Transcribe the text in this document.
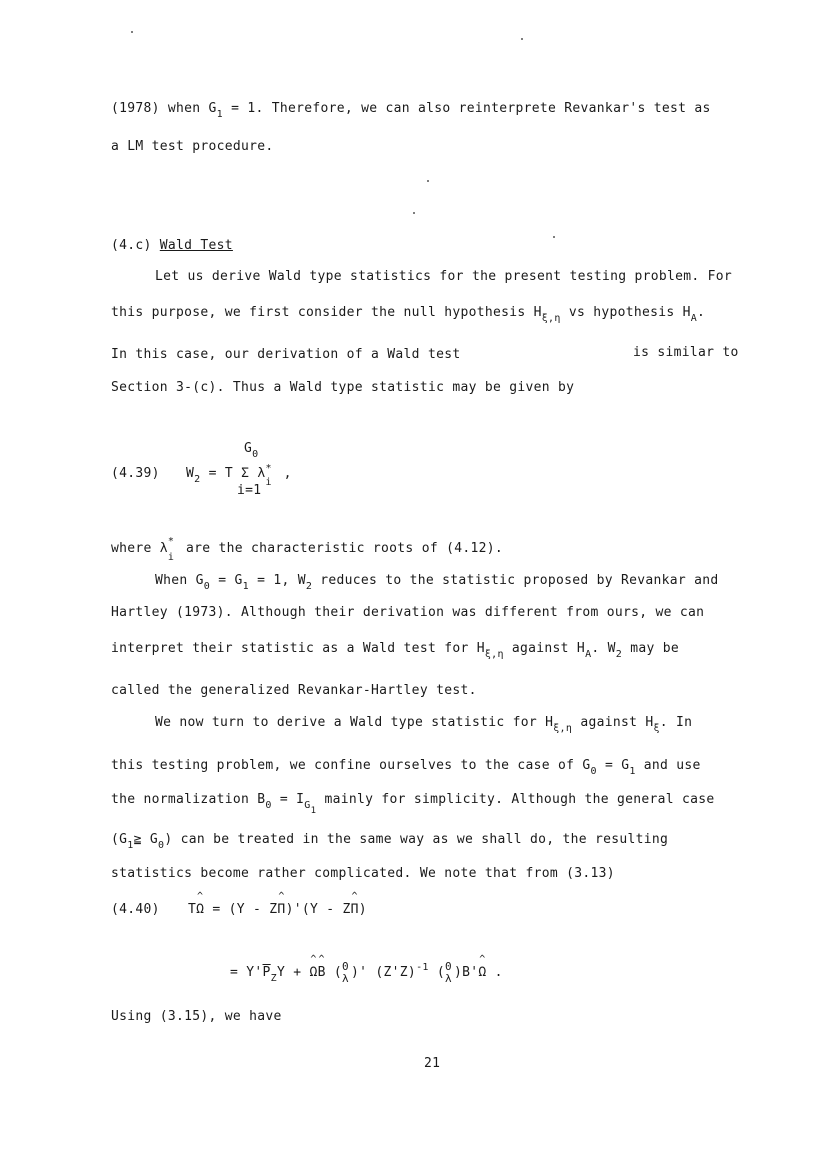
(1978) when $G_1 = 1$. Therefore, we can also reinterprete Revankar's test as
a LM test procedure.
(4.c) Wald Test
Let us derive Wald type statistics for the present testing problem. For
this purpose, we first consider the null hypothesis $H_{\xi,\eta}$ vs hypothesis $H_A$.
In this case, our derivation of a Wald test	is similar to
Section 3-(c). Thus a Wald type statistic may be given by
$G_0$
(4.39) $W_2 = T$ Σ λ *
i
,
i=1
where λ *
i
are the characteristic roots of (4.12).
When $G_0 = G_1 = 1$, $W_2$ reduces to the statistic proposed by Revankar and
Hartley (1973). Although their derivation was different from ours, we can
interpret their statistic as a Wald test for $H_{\xi,\eta}$ against $H_A$. $W_2$ may be
called the generalized Revankar-Hartley test.
We now turn to derive a Wald type statistic for $H_{\xi,\eta}$ against $H_\xi$. In
this testing problem, we confine ourselves to the case of $G_0 = G_1$ and use
the normalization $B_0 = I_{G_1}$ mainly for simplicity. Although the general case
($G_1≧$ $G_0$) can be treated in the same way as we shall do, the resulting
statistics become rather complicated. We note that from (3.13)
(4.40) T^ Ω = (Y - Z^ Π)'(Y - Z^ Π)
= $Y'\overline{P}_ZY$ + ^ Ω^ B ( 0
λ )' $(Z'Z)^{-1}$ ( 0
λ )B'^ Ω .
Using (3.15), we have
21
